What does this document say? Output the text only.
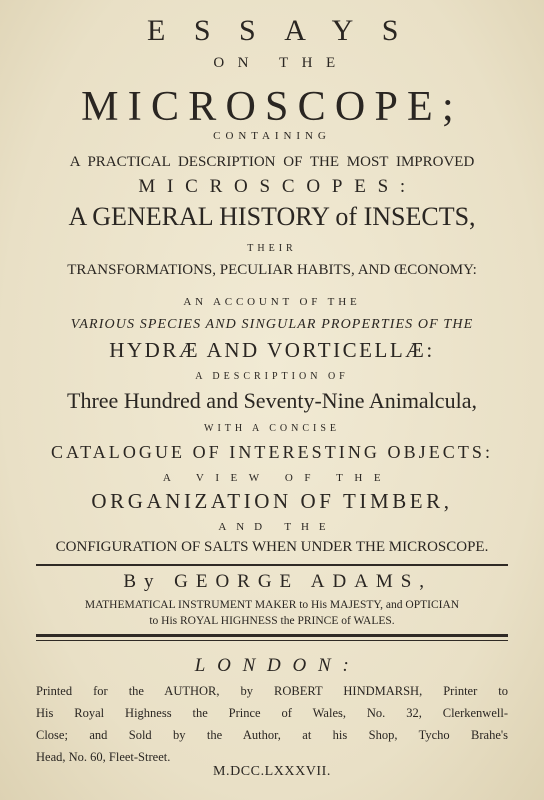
ESSAYS
ON THE
MICROSCOPE;
CONTAINING
A PRACTICAL DESCRIPTION OF THE MOST IMPROVED
MICROSCOPES:
A GENERAL HISTORY of INSECTS,
THEIR
TRANSFORMATIONS, PECULIAR HABITS, AND ŒCONOMY:
AN ACCOUNT OF THE
VARIOUS SPECIES AND SINGULAR PROPERTIES OF THE
HYDRÆ AND VORTICELLÆ:
A DESCRIPTION OF
Three Hundred and Seventy-Nine Animalcula,
WITH A CONCISE
CATALOGUE OF INTERESTING OBJECTS:
A VIEW OF THE
ORGANIZATION OF TIMBER,
AND THE
CONFIGURATION OF SALTS WHEN UNDER THE MICROSCOPE.
By GEORGE ADAMS,
MATHEMATICAL INSTRUMENT MAKER to His MAJESTY, and OPTICIAN
to His ROYAL HIGHNESS the PRINCE of WALES.
LONDON:
Printed for the AUTHOR, by ROBERT HINDMARSH, Printer to
His Royal Highness the Prince of Wales, No. 32, Clerkenwell-
Close; and Sold by the Author, at his Shop, Tycho Brahe's
Head, No. 60, Fleet-Street.
M.DCC.LXXXVII.
